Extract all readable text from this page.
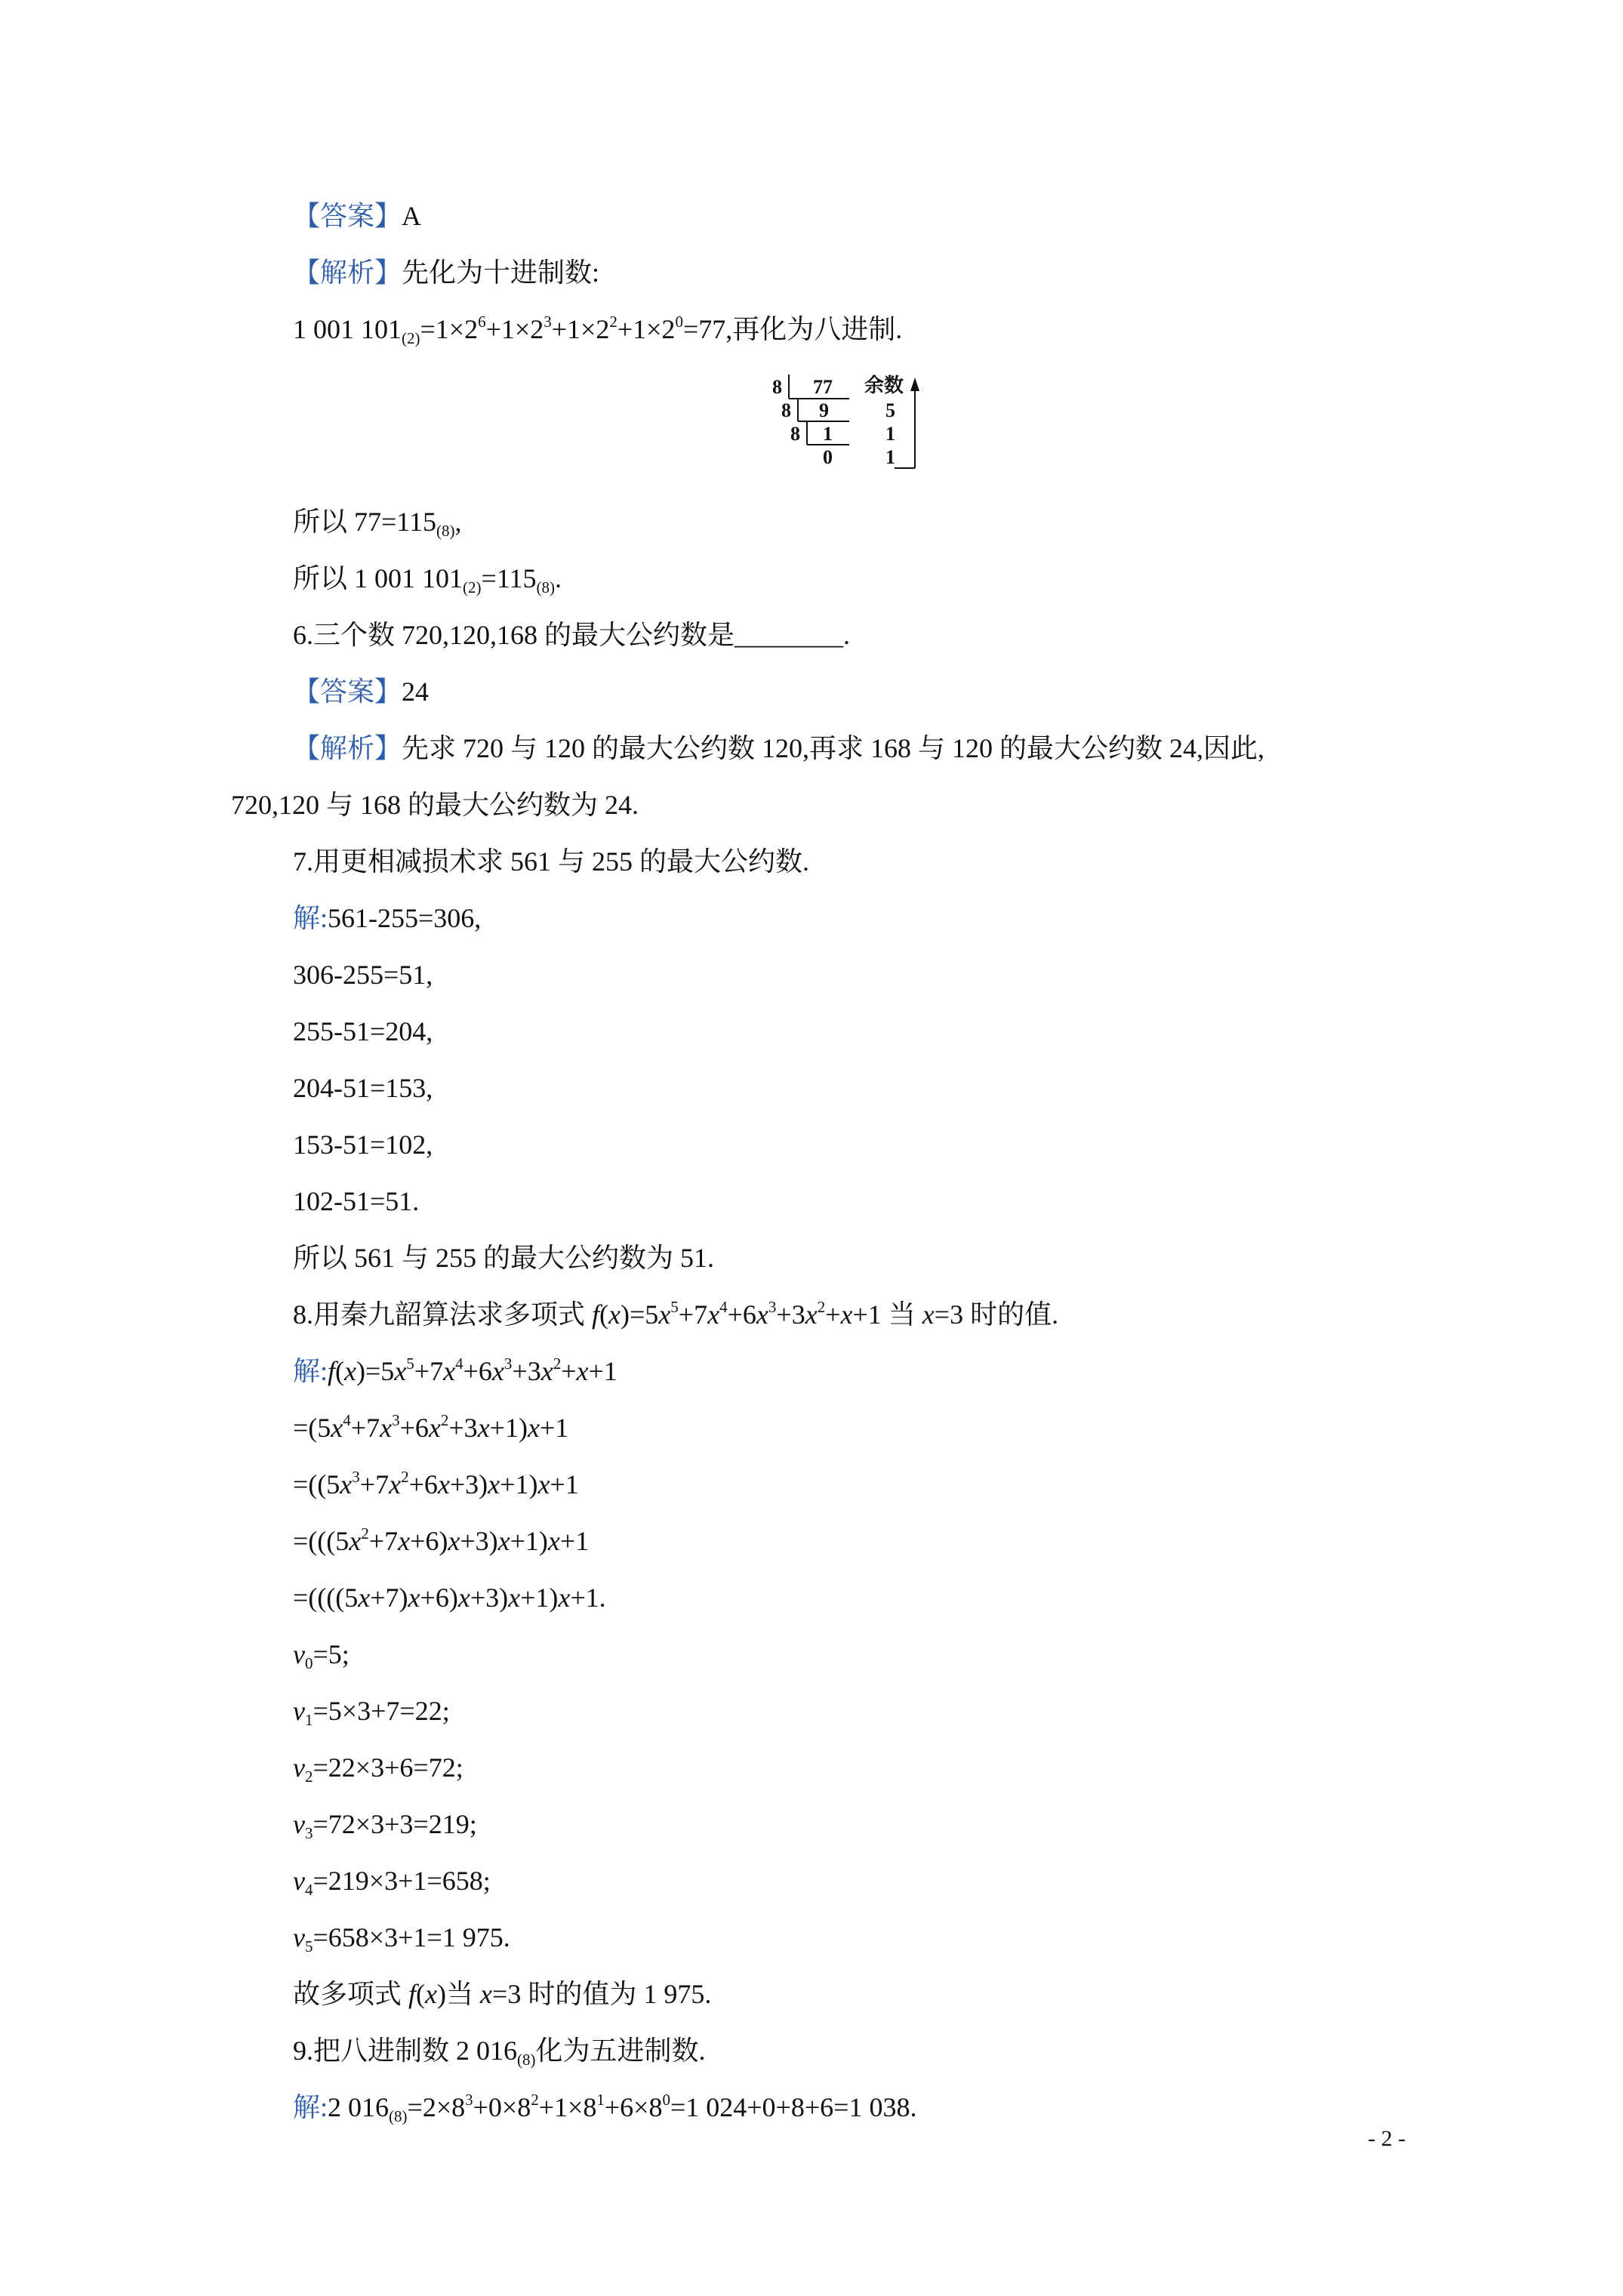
【答案】A
【解析】先化为十进制数:
1 001 $101_{(2)}=1\times 2^6+1\times 2^3+1\times 2^2+1\times 2^0=77$,再化为八进制.
8 77 余数
8 9	5
8 1	1
0	1
所以 $77=115_{(8)}$,
所以 1 001 $101_{(2)}=115_{(8)}$.
6.三个数 720,120,168 的最大公约数是________.
【答案】24
【解析】先求 720 与 120 的最大公约数 120,再求 168 与 120 的最大公约数 24,因此,
720,120 与 168 的最大公约数为 24.
7.用更相减损术求 561 与 255 的最大公约数.
解:561-255=306,
306-255=51,
255-51=204,
204-51=153,
153-51=102,
102-51=51.
所以 561 与 255 的最大公约数为 51.
8.用秦九韶算法求多项式 $f(x)=5x^5+7x^4+6x^3+3x^2+x+1$ 当 x=3 时的值.
解$:f(x)=5x^5+7x^4+6x^3+3x^2+x+1$
$=(5x^4+7x^3+6x^2+3x+1)x+1$
$=((5x^3+7x^2+6x+3)x+1)x+1$
$=(((5x^2+7x+6)x+3)x+1)x+1$
=((((5x+7)x+6)x+3)x+1)x+1.
$v_0=5$;
$v_1=5\times 3+7=22$;
$v_2=22\times 3+6=72$;
$v_3=72\times 3+3=219$;
$v_4=219\times 3+1=658$;
$v_5=658\times 3+1=1$ 975.
故多项式 f(x)当 x=3 时的值为 1 975.
9.把八进制数 2 $016_{(8)}$化为五进制数.
解:2 $016_{(8)}=2\times 8^3+0\times 8^2+1\times 8^1+6\times 8^0=1$ 024+0+8+6=1 038.
- 2 -
